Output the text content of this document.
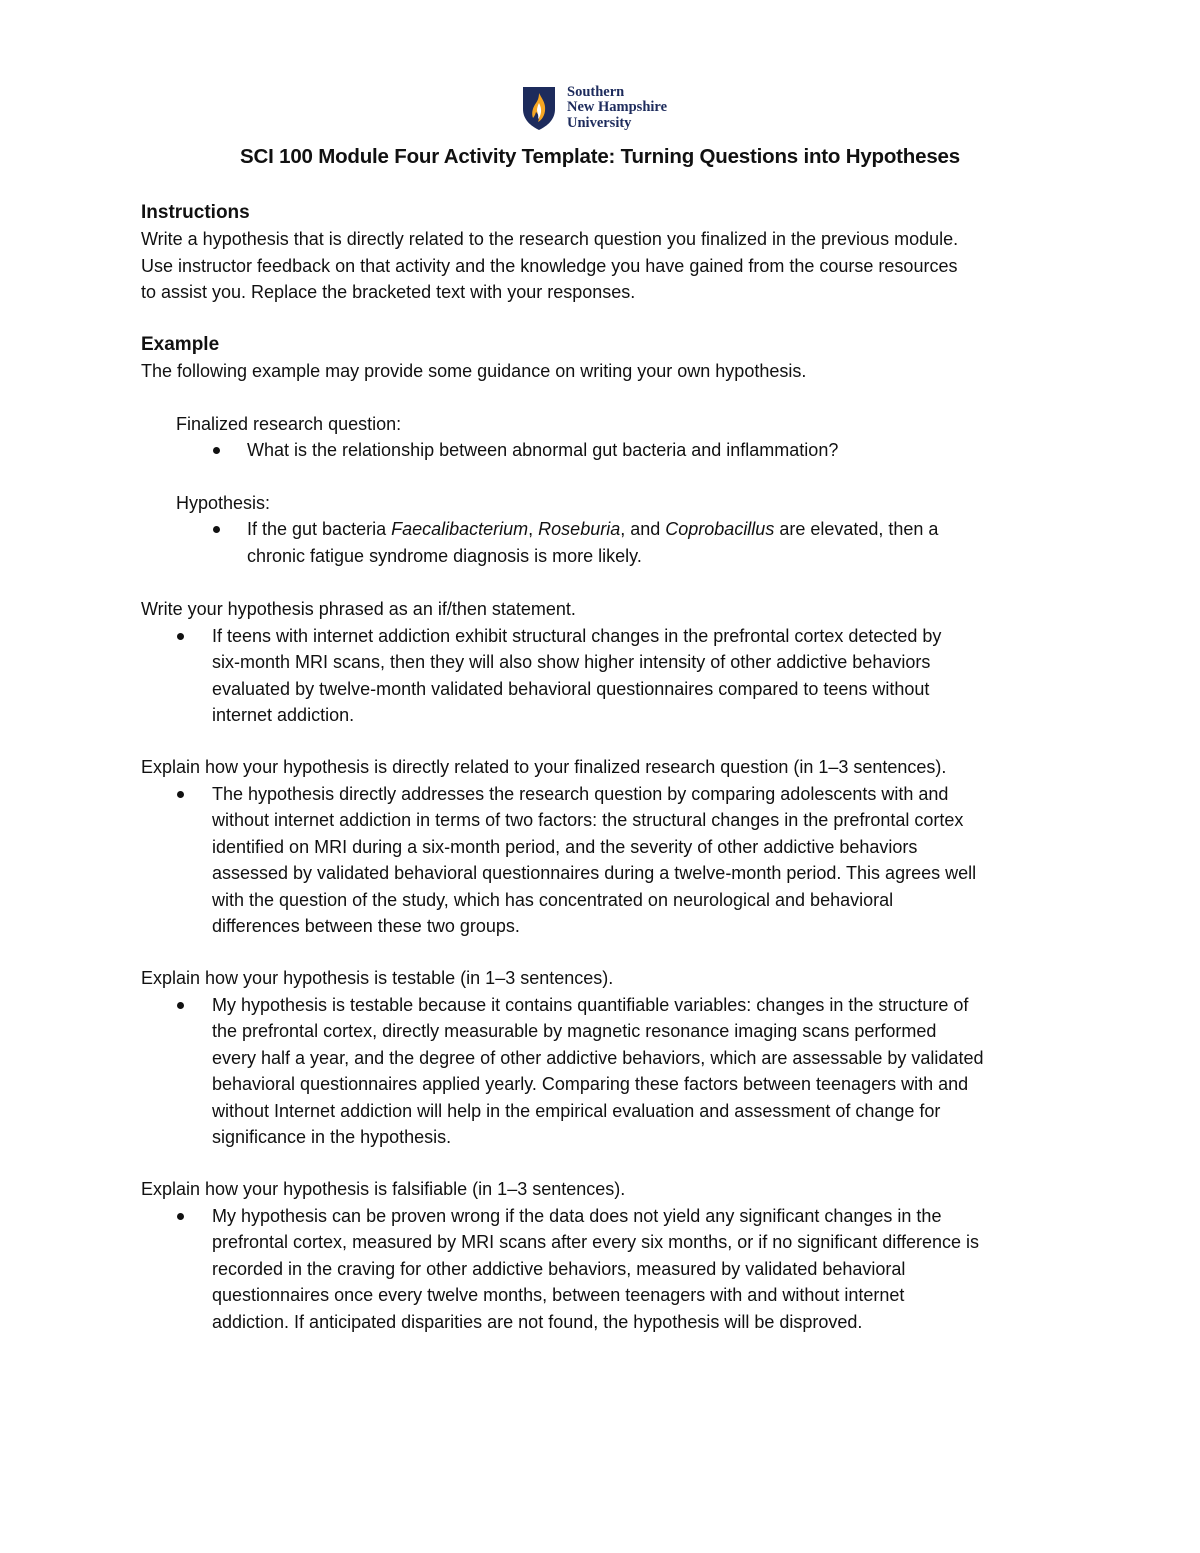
Southern
New Hampshire
University
SCI 100 Module Four Activity Template: Turning Questions into Hypotheses
Instructions

Write a hypothesis that is directly related to the research question you finalized in the previous module.

Use instructor feedback on that activity and the knowledge you have gained from the course resources

to assist you. Replace the bracketed text with your responses.

Example

The following example may provide some guidance on writing your own hypothesis.

Finalized research question:

What is the relationship between abnormal gut bacteria and inflammation?

Hypothesis:

If the gut bacteria Faecalibacterium, Roseburia, and Coprobacillus are elevated, then a
chronic fatigue syndrome diagnosis is more likely.

Write your hypothesis phrased as an if/then statement.

If teens with internet addiction exhibit structural changes in the prefrontal cortex detected by
six-month MRI scans, then they will also show higher intensity of other addictive behaviors
evaluated by twelve-month validated behavioral questionnaires compared to teens without
internet addiction.

Explain how your hypothesis is directly related to your finalized research question (in 1–3 sentences).

The hypothesis directly addresses the research question by comparing adolescents with and
without internet addiction in terms of two factors: the structural changes in the prefrontal cortex
identified on MRI during a six-month period, and the severity of other addictive behaviors
assessed by validated behavioral questionnaires during a twelve-month period. This agrees well
with the question of the study, which has concentrated on neurological and behavioral
differences between these two groups.

Explain how your hypothesis is testable (in 1–3 sentences).

My hypothesis is testable because it contains quantifiable variables: changes in the structure of
the prefrontal cortex, directly measurable by magnetic resonance imaging scans performed
every half a year, and the degree of other addictive behaviors, which are assessable by validated
behavioral questionnaires applied yearly. Comparing these factors between teenagers with and
without Internet addiction will help in the empirical evaluation and assessment of change for
significance in the hypothesis.

Explain how your hypothesis is falsifiable (in 1–3 sentences).

My hypothesis can be proven wrong if the data does not yield any significant changes in the
prefrontal cortex, measured by MRI scans after every six months, or if no significant difference is
recorded in the craving for other addictive behaviors, measured by validated behavioral
questionnaires once every twelve months, between teenagers with and without internet
addiction. If anticipated disparities are not found, the hypothesis will be disproved.
